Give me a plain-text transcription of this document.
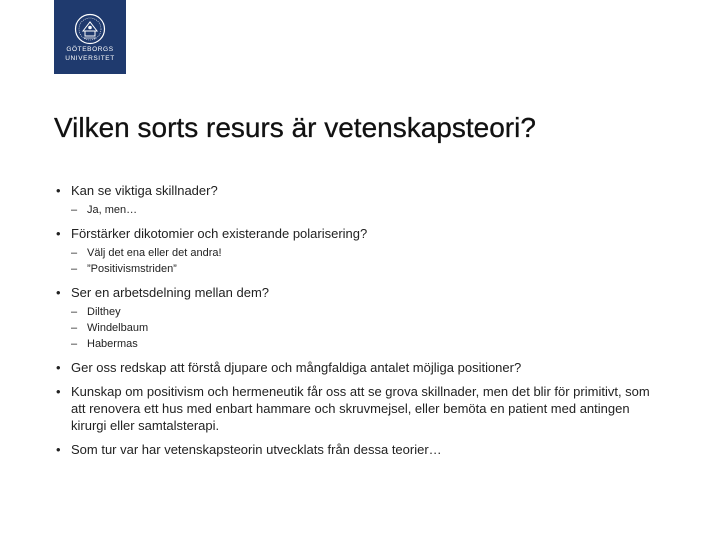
GÖTEBORGS
UNIVERSITET
Vilken sorts resurs är vetenskapsteori?
• Kan se viktiga skillnader?
– Ja, men…
• Förstärker dikotomier och existerande polarisering?
– Välj det ena eller det andra!
– ”Positivismstriden”
• Ser en arbetsdelning mellan dem?
– Dilthey
– Windelbaum
– Habermas
• Ger oss redskap att förstå djupare och mångfaldiga antalet möjliga positioner?
• Kunskap om positivism och hermeneutik får oss att se grova skillnader, men det blir för primitivt, som att renovera ett hus med enbart hammare och skruvmejsel, eller bemöta en patient med antingen kirurgi eller samtalsterapi.
• Som tur var har vetenskapsteorin utvecklats från dessa teorier…
